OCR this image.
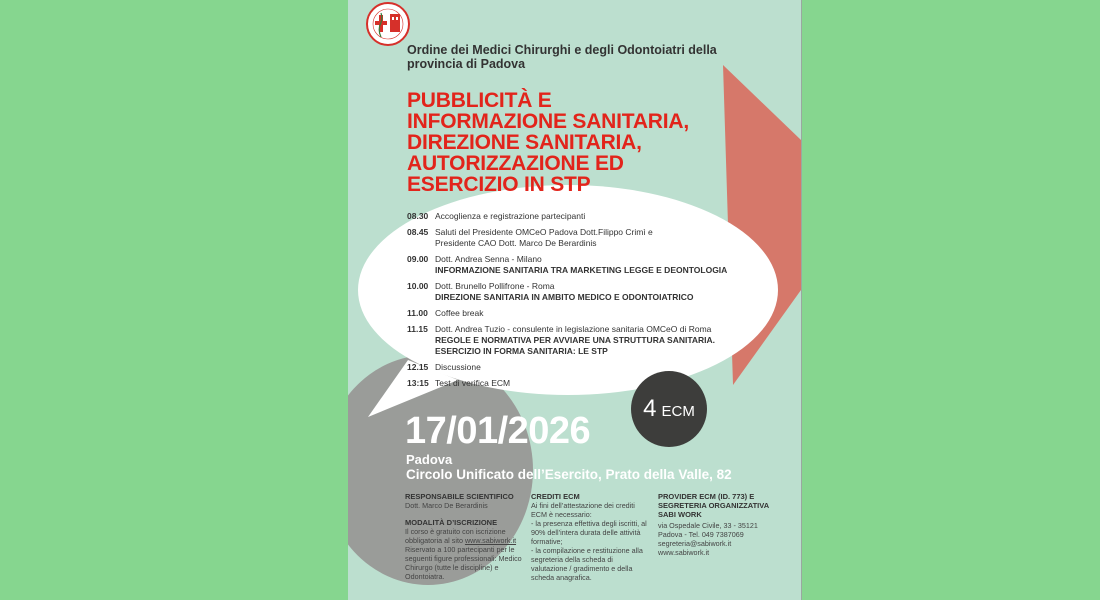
Ordine dei Medici Chirurghi e degli Odontoiatri della provincia di Padova
PUBBLICITÀ E
INFORMAZIONE SANITARIA,
DIREZIONE SANITARIA,
AUTORIZZAZIONE ED
ESERCIZIO IN STP
08.30 Accoglienza e registrazione partecipanti
08.45 Saluti del Presidente OMCeO Padova Dott.Filippo Crimì e Presidente CAO Dott. Marco De Berardinis
09.00 Dott. Andrea Senna - Milano
INFORMAZIONE SANITARIA TRA MARKETING LEGGE E DEONTOLOGIA
10.00 Dott. Brunello Pollifrone - Roma
DIREZIONE SANITARIA IN AMBITO MEDICO E ODONTOIATRICO
11.00 Coffee break
11.15 Dott. Andrea Tuzio - consulente in legislazione sanitaria OMCeO di Roma
REGOLE E NORMATIVA PER AVVIARE UNA STRUTTURA SANITARIA. ESERCIZIO IN FORMA SANITARIA: LE STP
12.15 Discussione
13:15 Test di verifica ECM
4 ECM
17/01/2026
Padova
Circolo Unificato dell’Esercito, Prato della Valle, 82
RESPONSABILE SCIENTIFICO
Dott. Marco De Berardinis
MODALITÀ D’ISCRIZIONE
Il corso è gratuito con iscrizione obbligatoria al sito www.sabiwork.it Riservato a 100 partecipanti per le seguenti figure professionali: Medico Chirurgo (tutte le discipline) e Odontoiatra.
CREDITI ECM
Ai fini dell’attestazione dei crediti ECM è necessario:
- la presenza effettiva degli iscritti, al 90% dell’intera durata delle attività formative;
- la compilazione e restituzione alla segreteria della scheda di valutazione / gradimento e della scheda anagrafica.
PROVIDER ECM (ID. 773) E
SEGRETERIA ORGANIZZATIVA
SABI WORK
via Ospedale Civile, 33 - 35121
Padova - Tel. 049 7387069
segreteria@sabiwork.it
www.sabiwork.it
